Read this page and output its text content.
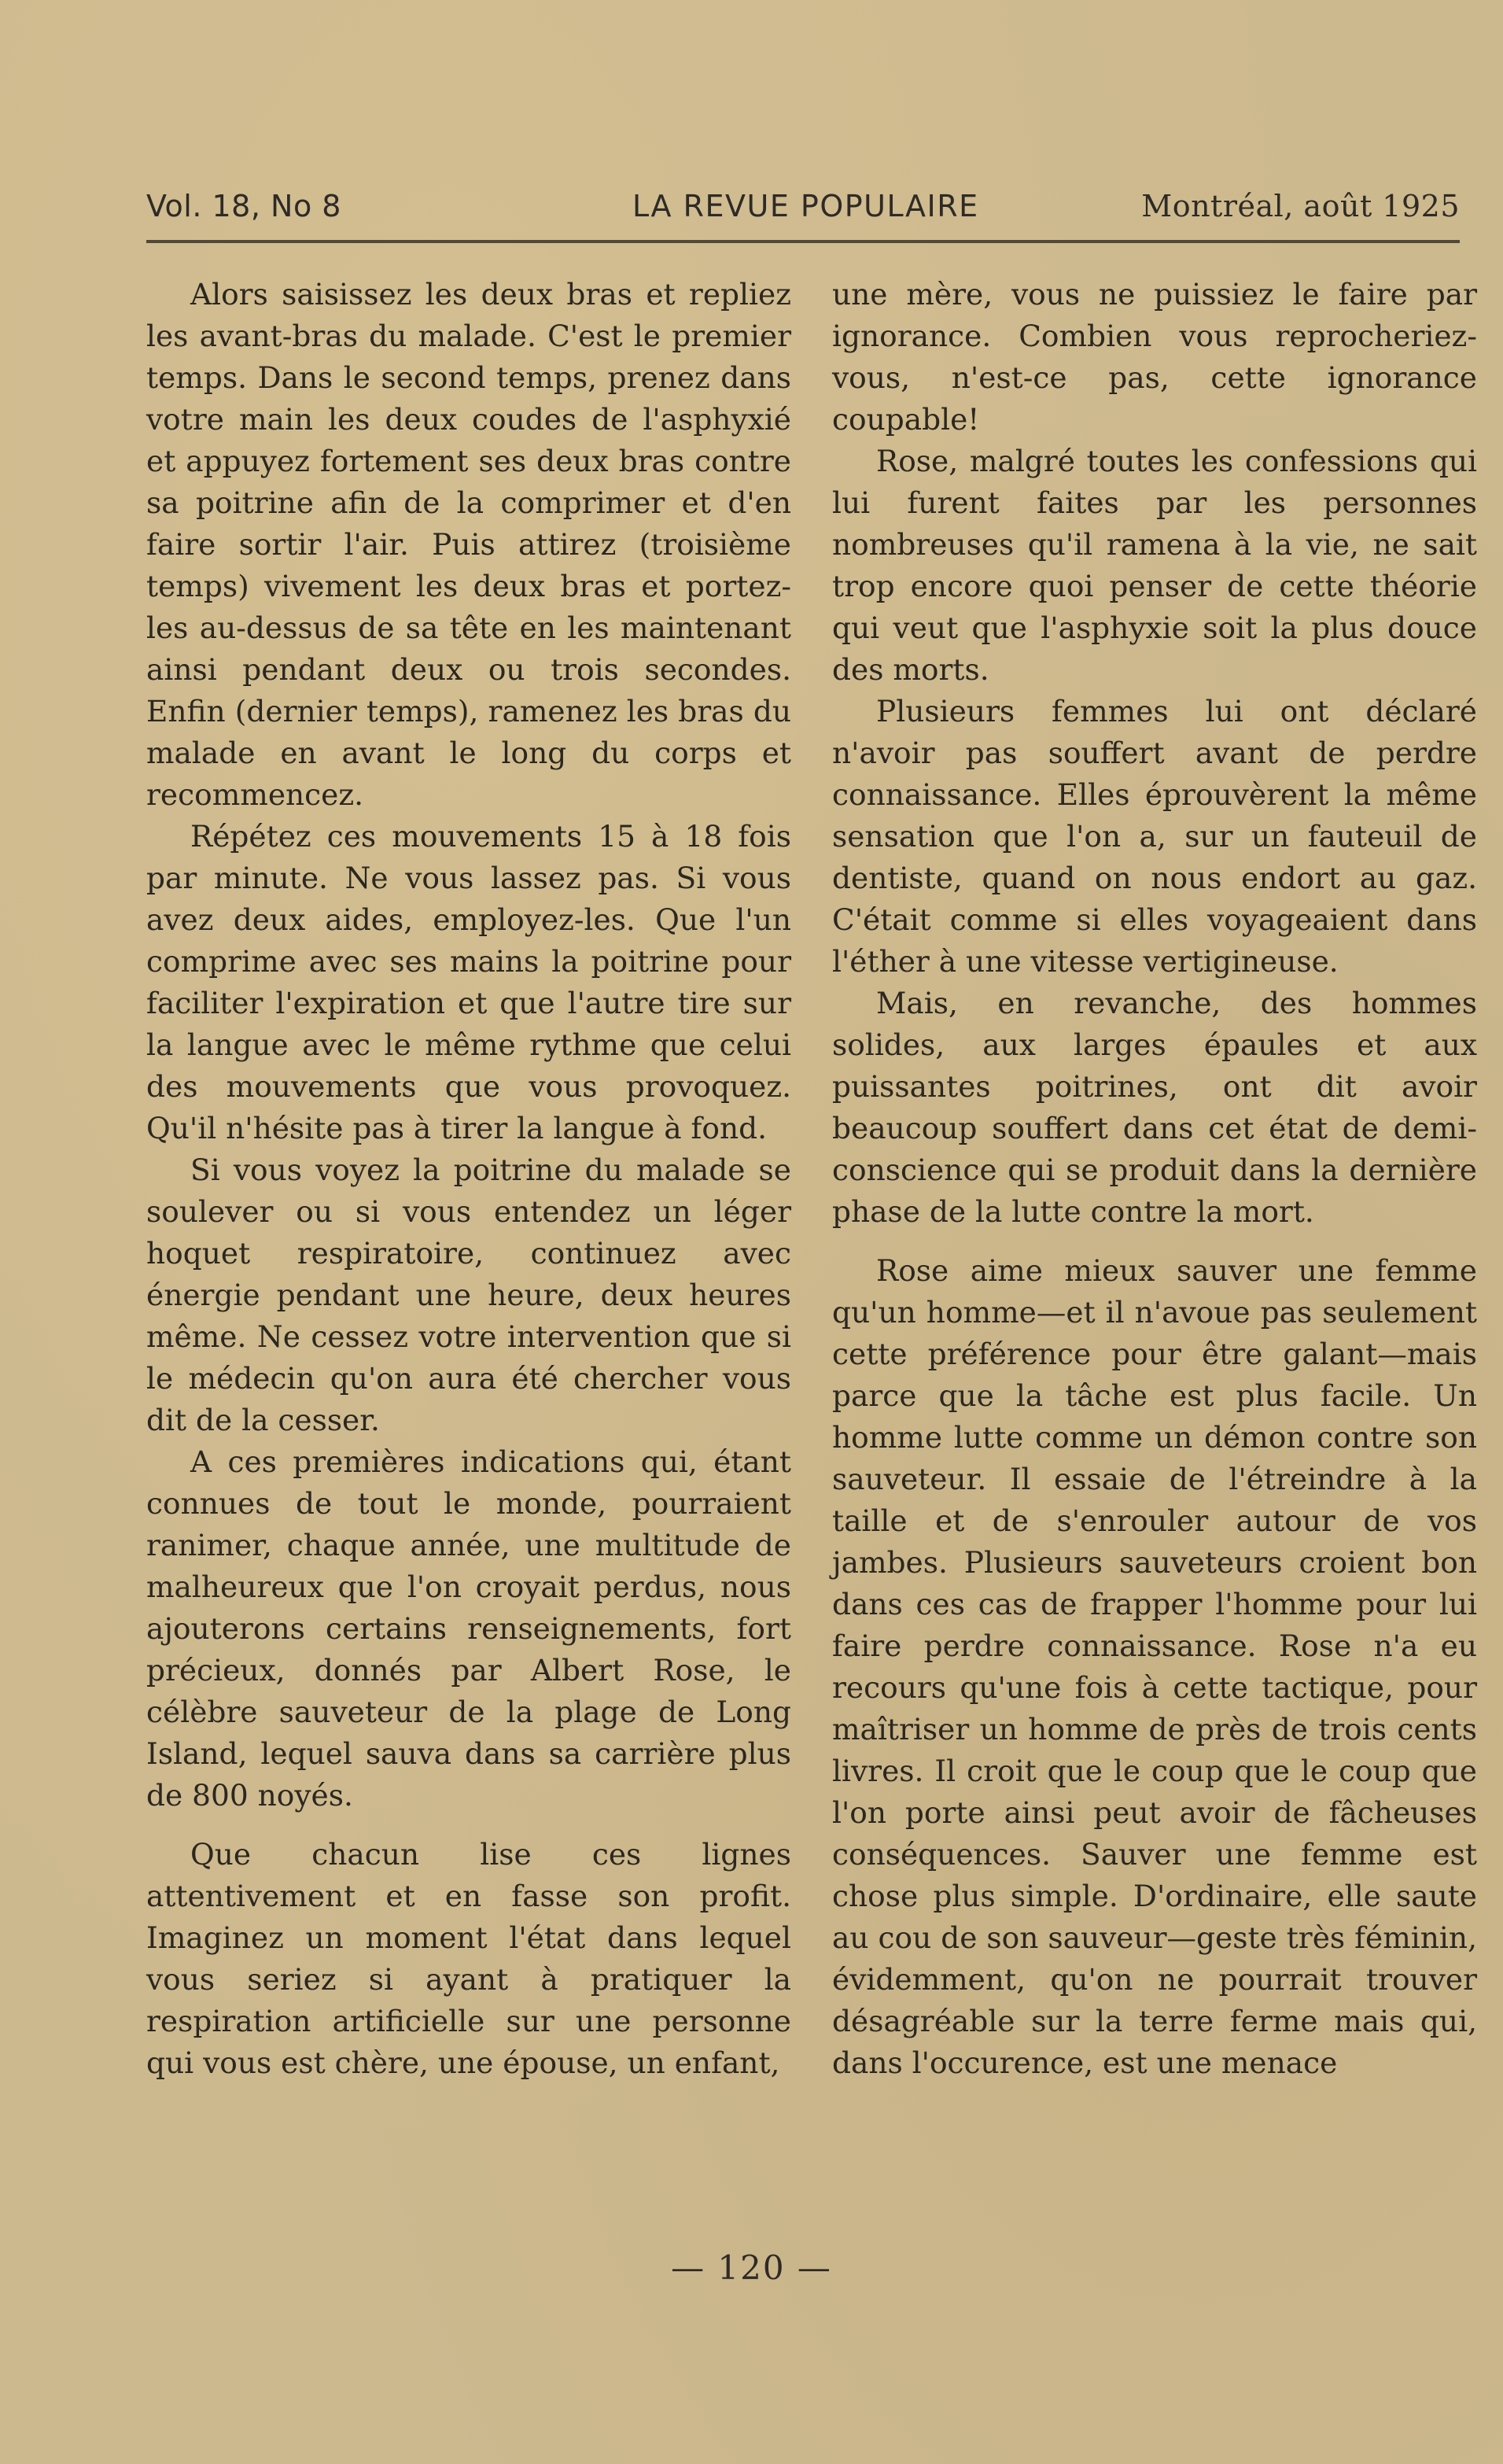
Vol. 18, No 8	LA REVUE POPULAIRE	Montréal, août 1925

Alors saisissez les deux bras et repliez les avant-bras du malade. C'est le premier temps. Dans le second temps, prenez dans votre main les deux coudes de l'asphyxié et appuyez fortement ses deux bras contre sa poitrine afin de la comprimer et d'en faire sortir l'air. Puis attirez (troisième temps) vivement les deux bras et portez-les au-dessus de sa tête en les maintenant ainsi pendant deux ou trois secondes. Enfin (dernier temps), ramenez les bras du malade en avant le long du corps et recommencez.

Répétez ces mouvements 15 à 18 fois par minute. Ne vous lassez pas. Si vous avez deux aides, employez-les. Que l'un comprime avec ses mains la poitrine pour faciliter l'expiration et que l'autre tire sur la langue avec le même rythme que celui des mouvements que vous provoquez. Qu'il n'hésite pas à tirer la langue à fond.

Si vous voyez la poitrine du malade se soulever ou si vous entendez un léger hoquet respiratoire, continuez avec énergie pendant une heure, deux heures même. Ne cessez votre intervention que si le médecin qu'on aura été chercher vous dit de la cesser.

A ces premières indications qui, étant connues de tout le monde, pourraient ranimer, chaque année, une multitude de malheureux que l'on croyait perdus, nous ajouterons certains renseignements, fort précieux, donnés par Albert Rose, le célèbre sauveteur de la plage de Long Island, lequel sauva dans sa carrière plus de 800 noyés.

Que chacun lise ces lignes attentivement et en fasse son profit. Imaginez un moment l'état dans lequel vous seriez si ayant à pratiquer la respiration artificielle sur une personne qui vous est chère, une épouse, un enfant,

une mère, vous ne puissiez le faire par ignorance. Combien vous reprocheriez-vous, n'est-ce pas, cette ignorance coupable!

Rose, malgré toutes les confessions qui lui furent faites par les personnes nombreuses qu'il ramena à la vie, ne sait trop encore quoi penser de cette théorie qui veut que l'asphyxie soit la plus douce des morts.

Plusieurs femmes lui ont déclaré n'avoir pas souffert avant de perdre connaissance. Elles éprouvèrent la même sensation que l'on a, sur un fauteuil de dentiste, quand on nous endort au gaz. C'était comme si elles voyageaient dans l'éther à une vitesse vertigineuse.

Mais, en revanche, des hommes solides, aux larges épaules et aux puissantes poitrines, ont dit avoir beaucoup souffert dans cet état de demi-conscience qui se produit dans la dernière phase de la lutte contre la mort.

Rose aime mieux sauver une femme qu'un homme—et il n'avoue pas seulement cette préférence pour être galant—mais parce que la tâche est plus facile. Un homme lutte comme un démon contre son sauveteur. Il essaie de l'étreindre à la taille et de s'enrouler autour de vos jambes. Plusieurs sauveteurs croient bon dans ces cas de frapper l'homme pour lui faire perdre connaissance. Rose n'a eu recours qu'une fois à cette tactique, pour maîtriser un homme de près de trois cents livres. Il croit que le coup que le coup que l'on porte ainsi peut avoir de fâcheuses conséquences. Sauver une femme est chose plus simple. D'ordinaire, elle saute au cou de son sauveur—geste très féminin, évidemment, qu'on ne pourrait trouver désagréable sur la terre ferme mais qui, dans l'occurence, est une menace

— 120 —
